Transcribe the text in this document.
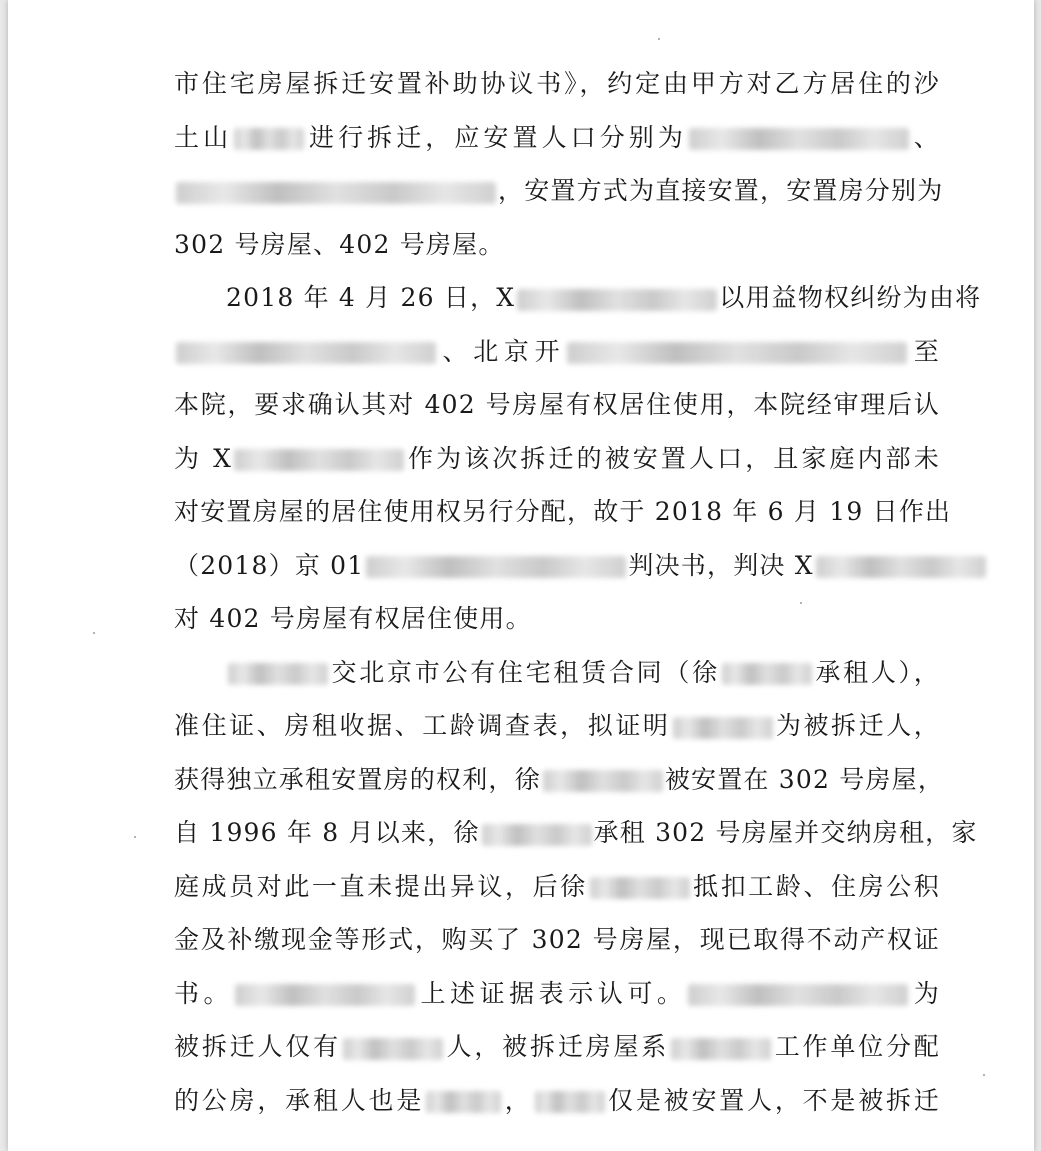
市住宅房屋拆迁安置补助协议书》，约定由甲方对乙方居住的沙
土山	进行拆迁，应安置人口分别为	、
，安置方式为直接安置，安置房分别为
302 号房屋、402 号房屋。
2018 年 4 月 26 日，X	以用益物权纠纷为由将
、北京开	至
本院，要求确认其对 402 号房屋有权居住使用，本院经审理后认
为 X	作为该次拆迁的被安置人口，且家庭内部未
对安置房屋的居住使用权另行分配，故于 2018 年 6 月 19 日作出
（2018）京 01	判决书，判决 X
对 402 号房屋有权居住使用。
交北京市公有住宅租赁合同（徐	承租人），
准住证、房租收据、工龄调查表，拟证明	为被拆迁人，
获得独立承租安置房的权利，徐	被安置在 302 号房屋，
自 1996 年 8 月以来，徐	承租 302 号房屋并交纳房租，家
庭成员对此一直未提出异议，后徐	抵扣工龄、住房公积
金及补缴现金等形式，购买了 302 号房屋，现已取得不动产权证
书。	上述证据表示认可。	为
被拆迁人仅有	人，被拆迁房屋系	工作单位分配
的公房，承租人也是	，	仅是被安置人，不是被拆迁
